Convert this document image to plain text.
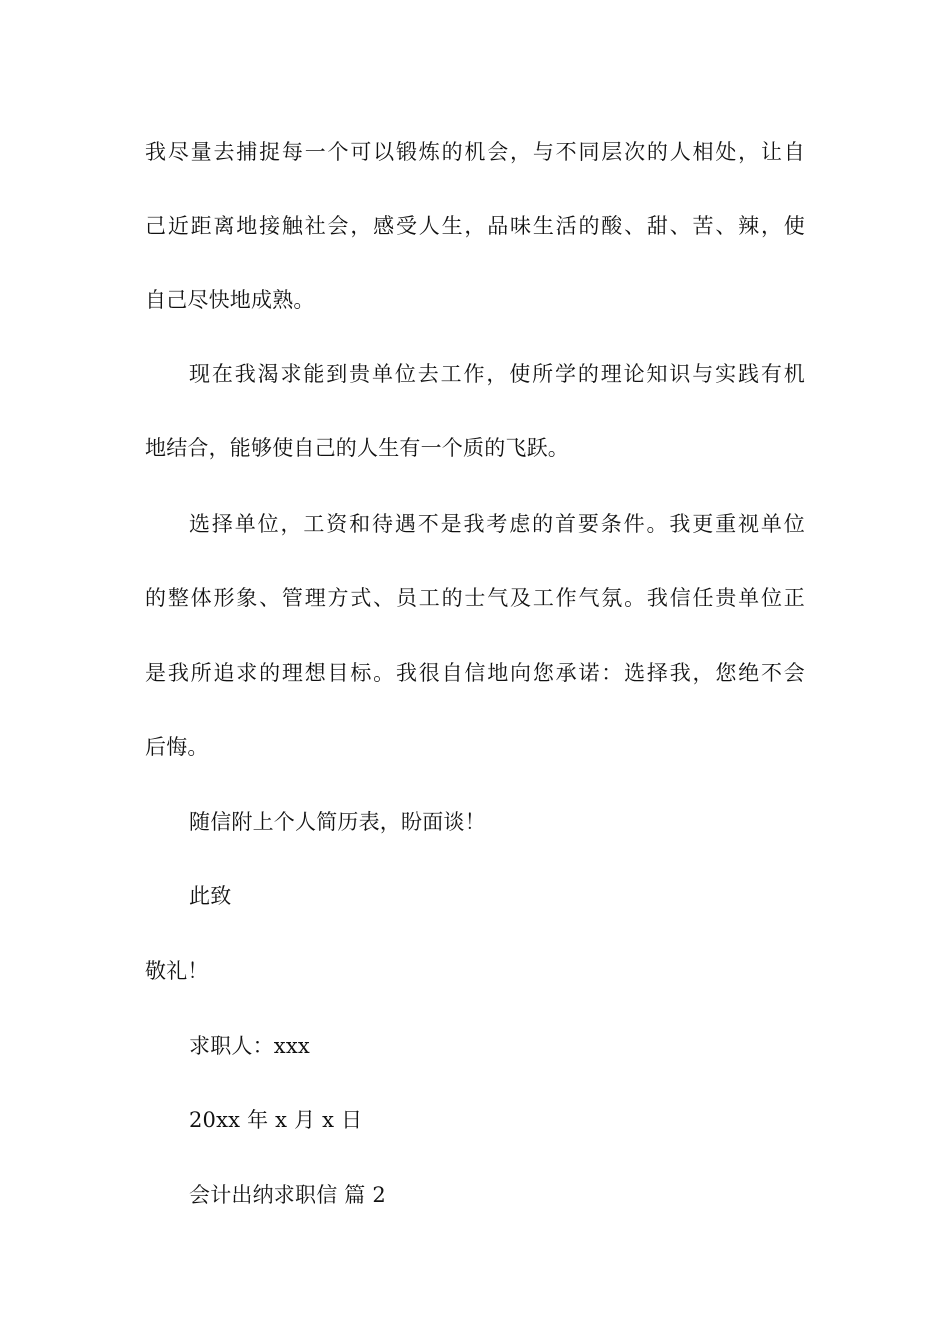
我尽量去捕捉每一个可以锻炼的机会，与不同层次的人相处，让自
己近距离地接触社会，感受人生，品味生活的酸、甜、苦、辣，使
自己尽快地成熟。
现在我渴求能到贵单位去工作，使所学的理论知识与实践有机
地结合，能够使自己的人生有一个质的飞跃。
选择单位，工资和待遇不是我考虑的首要条件。我更重视单位
的整体形象、管理方式、员工的士气及工作气氛。我信任贵单位正
是我所追求的理想目标。我很自信地向您承诺：选择我，您绝不会
后悔。
随信附上个人简历表，盼面谈！
此致
敬礼！
求职人：xxx
20xx 年 x 月 x 日
会计出纳求职信 篇 2
